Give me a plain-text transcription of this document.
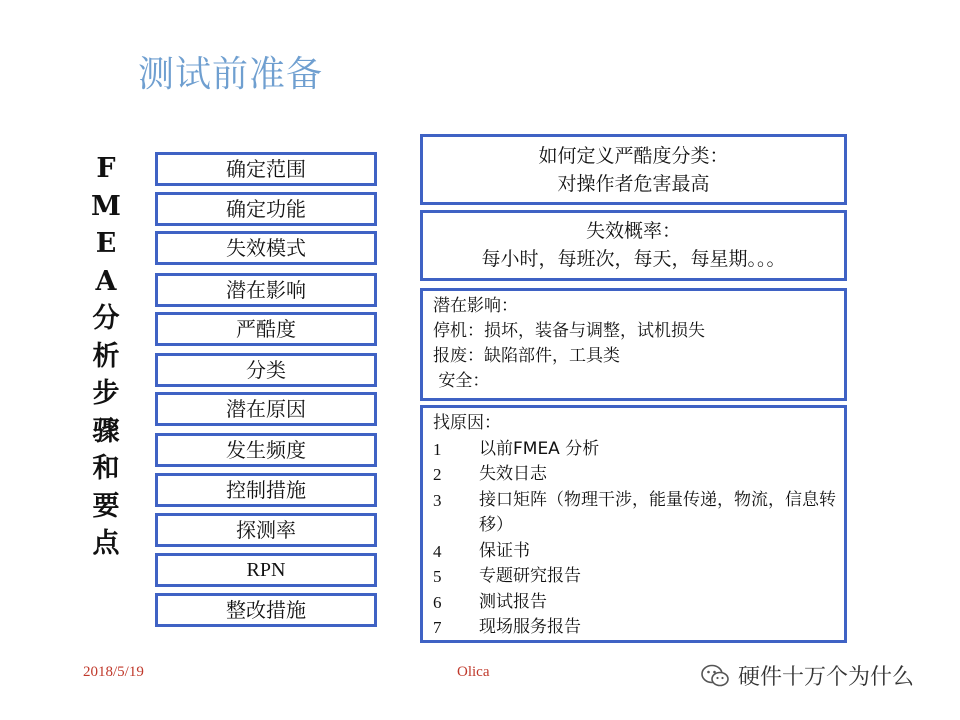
测试前准备
F
M
E
A
分
析
步
骤
和
要
点
确定范围
确定功能
失效模式
潜在影响
严酷度
分类
潜在原因
发生频度
控制措施
探测率
RPN
整改措施
如何定义严酷度分类：
对操作者危害最高
失效概率：
每小时，每班次，每天，每星期。。。
潜在影响：
停机：损坏，装备与调整，试机损失
报废：缺陷部件，工具类
安全：
找原因：
1	以前FMEA 分析
2	失效日志
3	接口矩阵（物理干涉，能量传递，物流，信息转移）
4	保证书
5	专题研究报告
6	测试报告
7	现场服务报告
2018/5/19	Olica	硬件十万个为什么
